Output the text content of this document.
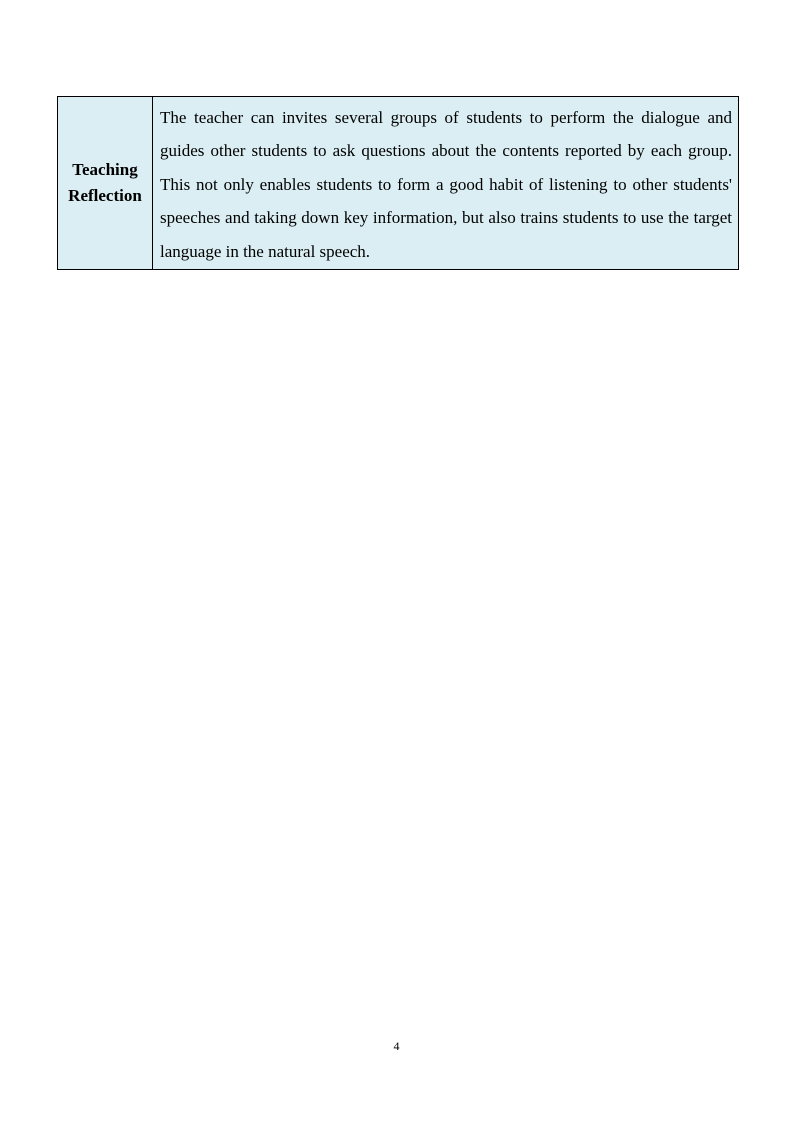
Teaching
Reflection
	The teacher can invites several groups of students to perform the dialogue and guides other students to ask questions about the contents reported by each group. This not only enables students to form a good habit of listening to other students' speeches and taking down key information, but also trains students to use the target language in the natural speech.
4
